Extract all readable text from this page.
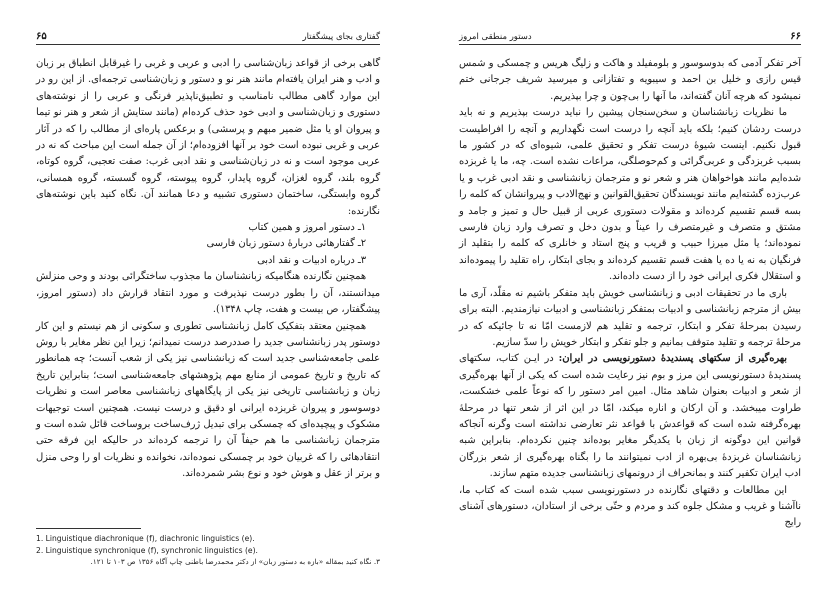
۶۵	گفتاری بجای پیشگفتار

گاهی برخی از قواعد زبان‌شناسی را ادبی و عربی و غربی را غیرقابل انطباق بر زبان و ادب و هنر ایران یافته‌ام مانند هنر نو و دستور و زبان‌شناسی ترجمه‌ای. از این رو در این موارد گاهی مطالب نامناسب و تطبیق‌ناپذیر فرنگی و عربی را از نوشته‌های دستوری و زبان‌شناسی و ادبی خود حذف کرده‌ام (مانند ستایش از شعر و هنر نو تیما و پیروان او یا مثل ضمیر مبهم و پرسشی) و برعکس پاره‌ای از مطالب را که در آثار عربی و غربی نبوده است خود بر آنها افزوده‌ام؛ از آن جمله است این مباحث که نه در عربی موجود است و نه در زبان‌شناسی و نقد ادبی غرب: صفت تعجبی، گروه کوتاه، گروه بلند، گروه لغزان، گروه پایدار، گروه پیوسته، گروه گسسته، گروه همسانی، گروه وابستگی، ساختمان دستوری تشبیه و دعا همانند آن. نگاه کنید باین نوشته‌های نگارنده:

۱ـ دستور امروز و همین کتاب

۲ـ گفتارهائی دربارهٔ دستور زبان فارسی

۳ـ درباره ادبیات و نقد ادبی

همچنین نگارنده هنگامیکه زبانشناسان ما مجذوب ساختگرائی بودند و وحی منزلش میدانستند، آن را بطور درست نپذیرفت و مورد انتقاد قرارش داد (دستور امروز، پیشگفتار، ص بیست و هفت، چاپ ۱۳۴۸).

همچنین معتقد بتفکیک کامل زبانشناسی تطوری و سکونی از هم نیستم و این کار دوستور پدر زبانشناسی جدید را صددرصد درست نمیدانم؛ زیرا این نظر مغایر با روش علمی جامعه‌شناسی جدید است که زبانشناسی نیز یکی از شعب آنست؛ چه همانطور که تاریخ و تاریخ عمومی از منابع مهم پژوهشهای جامعه‌شناسی است؛ بنابراین تاریخ زبان و زبانشناسی تاریخی نیز یکی از پایگاههای زبانشناسی معاصر است و نظریات دوسوسور و پیروان غربزده ایرانی او دقیق و درست نیست. همچنین است توجیهات مشکوک و پیچیده‌ای که چمسکی برای تبدیل ژرف‌ساخت بروساخت قائل شده است و مترجمان زبانشناسی ما هم حیفاً آن را ترجمه کرده‌اند در حالیکه این فرقه حتی انتقادهائی را که غربیان خود بر چمسکی نموده‌اند، نخوانده و نظریات او را وحی منزل و برتر از عقل و هوش خود و نوع بشر شمرده‌اند.

1. Linguistique diachronique (f), diachronic linguistics (e).

2. Linguistique synchronique (f), synchronic linguistics (e).

۳. نگاه کنید بمقاله «بازه به دستور زبان» از دکتر محمدرضا باطنی چاپ آگاه ۱۳۵۶ ص ۱۰۳ تا ۱۲۱.

۶۶
دستور منطقی امروز

آخر تفکر آدمی که بدوسوسور و بلومفیلد و هاکت و زلیگ هریس و چمسکی و شمس قیس رازی و خلیل بن احمد و سیبویه و تفتازانی و میرسید شریف جرجانی ختم نمیشود که هرچه آنان گفته‌اند، ما آنها را بی‌چون و چرا بپذیریم.

ما نظریات زبانشناسان و سخن‌سنجان پیشین را نباید درست بپذیریم و نه باید درست ردشان کنیم؛ بلکه باید آنچه را درست است نگهداریم و آنچه را افراطیست قبول نکنیم. اینست شیوهٔ درست تفکر و تحقیق علمی، شیوه‌ای که در کشور ما بسبب غربزدگی و عربی‌گرائی و کم‌حوصلگی، مراعات نشده است. چه، ما یا غربزده شده‌ایم مانند هواخواهان هنر و شعر نو و مترجمان زبانشناسی و نقد ادبی غرب و یا عرب‌زده گشته‌ایم مانند نویسندگان تحقیق‌القوانین و نهج‌الادب و پیروانشان که کلمه را بسه قسم تقسیم کرده‌اند و مقولات دستوری عربی از قبیل حال و تمیز و جامد و مشتق و متصرف و غیرمتصرف را عیناً و بدون دخل و تصرف وارد زبان فارسی نموده‌اند؛ یا مثل میرزا حبیب و قریب و پنج استاد و خانلری که کلمه را بتقلید از فرنگیان به نه یا ده یا هفت قسم تقسیم کرده‌اند و بجای ابتکار، راه تقلید را پیموده‌اند و استقلال فکری ایرانی خود را از دست داده‌اند.

باری ما در تحقیقات ادبی و زبانشناسی خویش باید متفکر باشیم نه مقلّد، آری ما بیش از مترجم زبانشناسی و ادبیات بمتفکر زبانشناسی و ادبیات نیازمندیم. البته برای رسیدن بمرحلهٔ تفکر و ابتکار، ترجمه و تقلید هم لازمست امّا نه تا جائیکه که در مرحلهٔ ترجمه و تقلید متوقف بمانیم و جلو تفکر و ابتکار خویش را سدّ سازیم.

بهره‌گیری از سکتهای پسندیدهٔ دستورنویسی در ایران: در ایـن کتاب، سکتهای پسندیدهٔ دستورنویسی این مرز و بوم نیز رعایت شده است که یکی از آنها بهره‌گیری از شعر و ادبیات بعنوان شاهد مثال. امین امر دستور را که نوعاً علمی خشکست، طراوت میبخشد. و آن ارکان و اناره میکند، امّا در این اثر از شعر تنها در مرحلهٔ بهره‌گرفته شده است که قواعدش با قواعد نثر تعارضی نداشته است وگرنه آنجاکه قوانین این دوگونه از زبان با یکدیگر مغایر بوده‌اند چنین نکرده‌ام. بنابراین شبه زبانشناسان غربزدهٔ بی‌بهره از ادب نمیتوانند ما را بگناه بهره‌گیری از شعر بزرگان ادب ایران تکفیر کنند و بمانحراف از درونمهای زبانشناسی جدیده متهم سازند.

این مطالعات و دقتهای نگارنده در دستورنویسی سبب شده است که کتاب ما، ناآشنا و غریب و مشکل جلوه کند و مردم و حتّی برخی از استادان، دستورهای آشنای رایج
